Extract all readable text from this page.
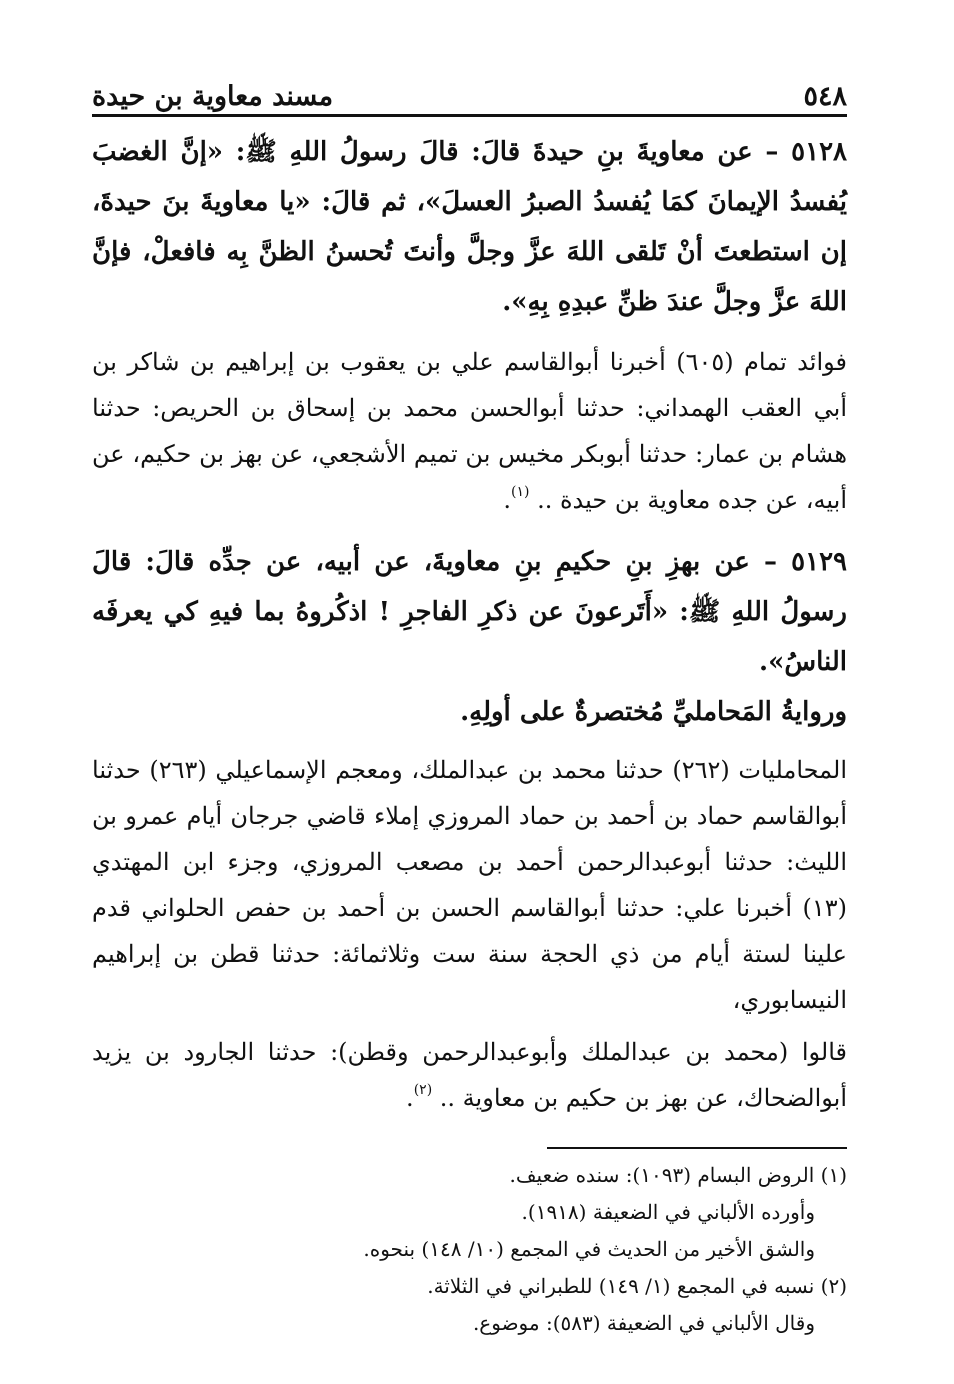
٥٤٨
مسند معاوية بن حيدة

٥١٢٨ – عن معاويةَ بنِ حيدةَ قالَ: قالَ رسولُ اللهِ ﷺ: «إنَّ الغضبَ يُفسدُ الإيمانَ كمَا يُفسدُ الصبرُ العسلَ»، ثم قالَ: «يا معاويةَ بنَ حيدةَ، إن استطعتَ أنْ تَلقى اللهَ عزَّ وجلَّ وأنتَ تُحسنُ الظنَّ بِه فافعلْ، فإنَّ اللهَ عزَّ وجلَّ عندَ ظنِّ عبدِهِ بِهِ».

فوائد تمام (٦٠٥) أخبرنا أبوالقاسم علي بن يعقوب بن إبراهيم بن شاكر بن أبي العقب الهمداني: حدثنا أبوالحسن محمد بن إسحاق بن الحريص: حدثنا هشام بن عمار: حدثنا أبوبكر مخيس بن تميم الأشجعي، عن بهز بن حكيم، عن أبيه، عن جده معاوية بن حيدة .. $^{(١)}$.

٥١٢٩ – عن بهزِ بنِ حكيمِ بنِ معاويةَ، عن أبيه، عن جدِّه قالَ: قالَ رسولُ اللهِ ﷺ: «أَتَرعونَ عن ذكرِ الفاجرِ ! اذكُروهُ بما فيهِ كي يعرفَه الناسُ».

وروايةُ المَحامليِّ مُختصرةٌ على أولِهِ.

المحامليات (٢٦٢) حدثنا محمد بن عبدالملك، ومعجم الإسماعيلي (٢٦٣) حدثنا أبوالقاسم حماد بن أحمد بن حماد المروزي إملاء قاضي جرجان أيام عمرو بن الليث: حدثنا أبوعبدالرحمن أحمد بن مصعب المروزي، وجزء ابن المهتدي (١٣) أخبرنا علي: حدثنا أبوالقاسم الحسن بن أحمد بن حفص الحلواني قدم علينا لستة أيام من ذي الحجة سنة ست وثلاثمائة: حدثنا قطن بن إبراهيم النيسابوري،

قالوا (محمد بن عبدالملك وأبوعبدالرحمن وقطن): حدثنا الجارود بن يزيد أبوالضحاك، عن بهز بن حكيم بن معاوية .. $^{(٢)}$.

(١) الروض البسام (١٠٩٣): سنده ضعيف.

وأورده الألباني في الضعيفة (١٩١٨).

والشق الأخير من الحديث في المجمع (١٠/ ١٤٨) بنحوه.

(٢) نسبه في المجمع (١/ ١٤٩) للطبراني في الثلاثة.

وقال الألباني في الضعيفة (٥٨٣): موضوع.
